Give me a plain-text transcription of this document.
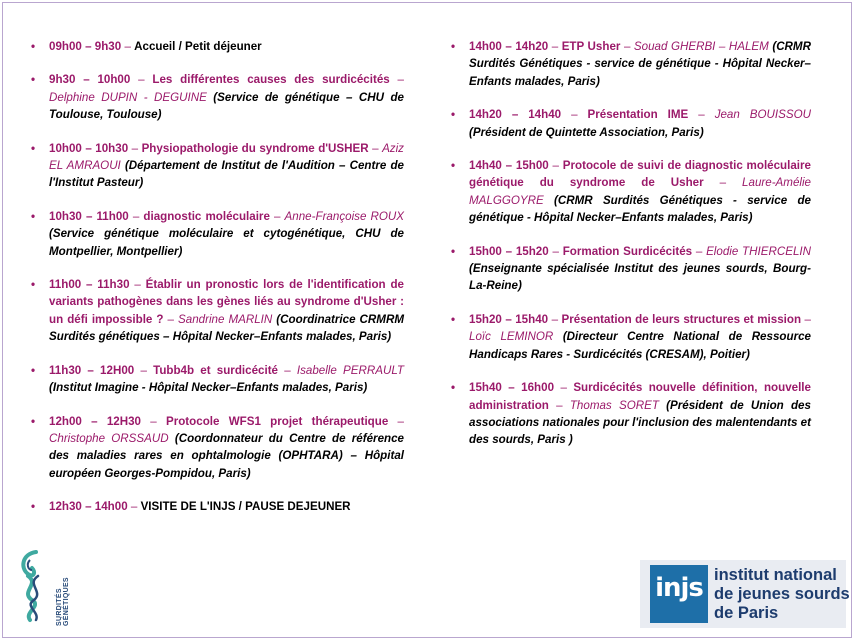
• 09h00 – 9h30 – Accueil / Petit déjeuner
• 9h30 – 10h00 – Les différentes causes des surdicécités – Delphine DUPIN - DEGUINE (Service de génétique – CHU de Toulouse, Toulouse)
• 10h00 – 10h30 – Physiopathologie du syndrome d'USHER – Aziz EL AMRAOUI (Département de Institut de l'Audition – Centre de l'Institut Pasteur)
• 10h30 – 11h00 – diagnostic moléculaire – Anne-Françoise ROUX (Service génétique moléculaire et cytogénétique, CHU de Montpellier, Montpellier)
• 11h00 – 11h30 – Établir un pronostic lors de l'identification de variants pathogènes dans les gènes liés au syndrome d'Usher : un défi impossible ? – Sandrine MARLIN (Coordinatrice CRMRM Surdités génétiques – Hôpital Necker–Enfants malades, Paris)
• 11h30 – 12H00 – Tubb4b et surdicécité – Isabelle PERRAULT (Institut Imagine - Hôpital Necker–Enfants malades, Paris)
• 12h00 – 12H30 – Protocole WFS1 projet thérapeutique – Christophe ORSSAUD (Coordonnateur du Centre de référence des maladies rares en ophtalmologie (OPHTARA) – Hôpital européen Georges-Pompidou, Paris)
• 12h30 – 14h00 – VISITE DE L'INJS / PAUSE DEJEUNER
• 14h00 – 14h20 – ETP Usher – Souad GHERBI – HALEM (CRMR Surdités Génétiques - service de génétique - Hôpital Necker–Enfants malades, Paris)
• 14h20 – 14h40 – Présentation IME – Jean BOUISSOU (Président de Quintette Association, Paris)
• 14h40 – 15h00 – Protocole de suivi de diagnostic moléculaire génétique du syndrome de Usher – Laure-Amélie MALGGOYRE (CRMR Surdités Génétiques - service de génétique - Hôpital Necker–Enfants malades, Paris)
• 15h00 – 15h20 – Formation Surdicécités – Elodie THIERCELIN (Enseignante spécialisée Institut des jeunes sourds, Bourg-La-Reine)
• 15h20 – 15h40 – Présentation de leurs structures et mission – Loïc LEMINOR (Directeur Centre National de Ressource Handicaps Rares - Surdicécités (CRESAM), Poitier)
• 15h40 – 16h00 – Surdicécités nouvelle définition, nouvelle administration – Thomas SORET (Président de Union des associations nationales pour l'inclusion des malentendants et des sourds, Paris )
SURDITÉS GÉNÉTIQUES	injs institut national
de jeunes sourds
de Paris
